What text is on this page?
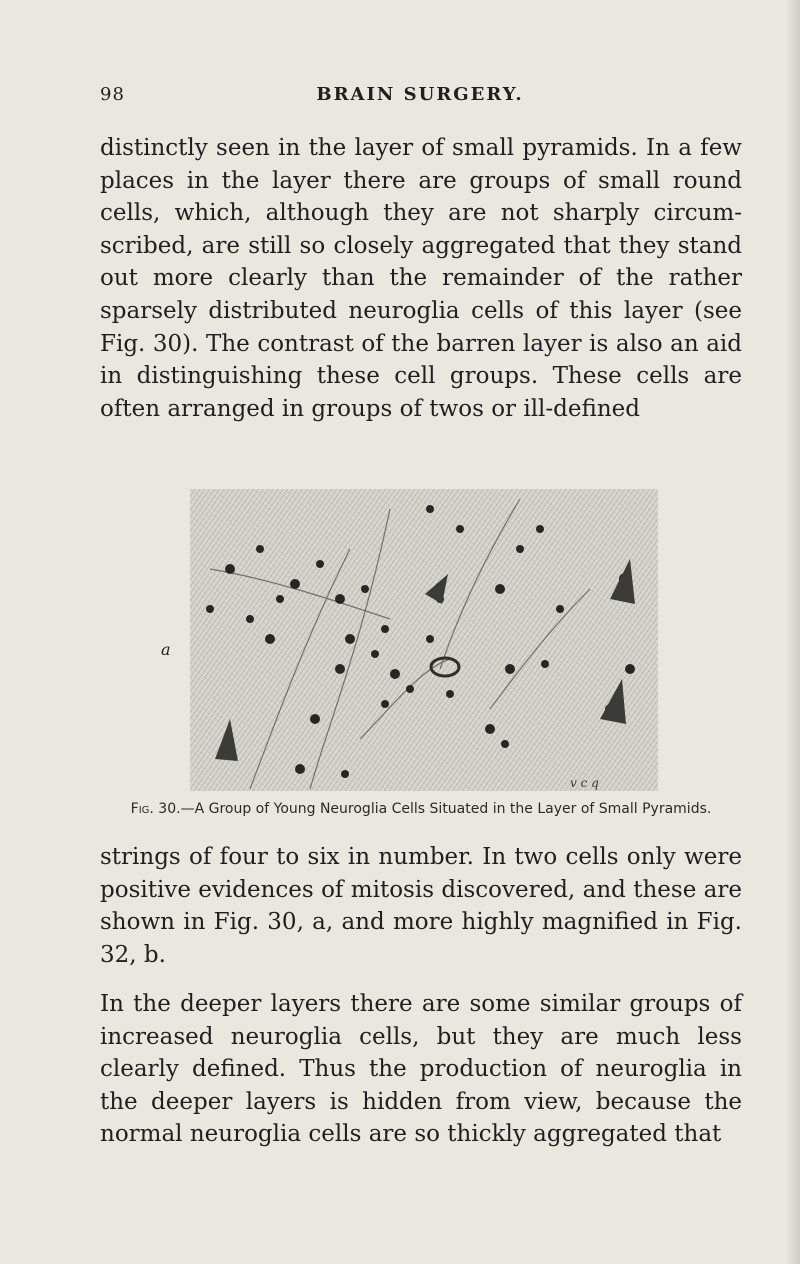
98	BRAIN SURGERY.

distinctly seen in the layer of small pyramids. In a few places in the layer there are groups of small round cells, which, although they are not sharply circum-scribed, are still so closely aggregated that they stand out more clearly than the remainder of the rather sparsely distributed neuroglia cells of this layer (see Fig. 30). The contrast of the barren layer is also an aid in distinguishing these cell groups. These cells are often arranged in groups of twos or ill-defined

a
v c q
Fig. 30.—A Group of Young Neuroglia Cells Situated in the Layer of Small Pyramids.

strings of four to six in number. In two cells only were positive evidences of mitosis discovered, and these are shown in Fig. 30, a, and more highly magnified in Fig. 32, b.

In the deeper layers there are some similar groups of increased neuroglia cells, but they are much less clearly defined. Thus the production of neuroglia in the deeper layers is hidden from view, because the normal neuroglia cells are so thickly aggregated that
